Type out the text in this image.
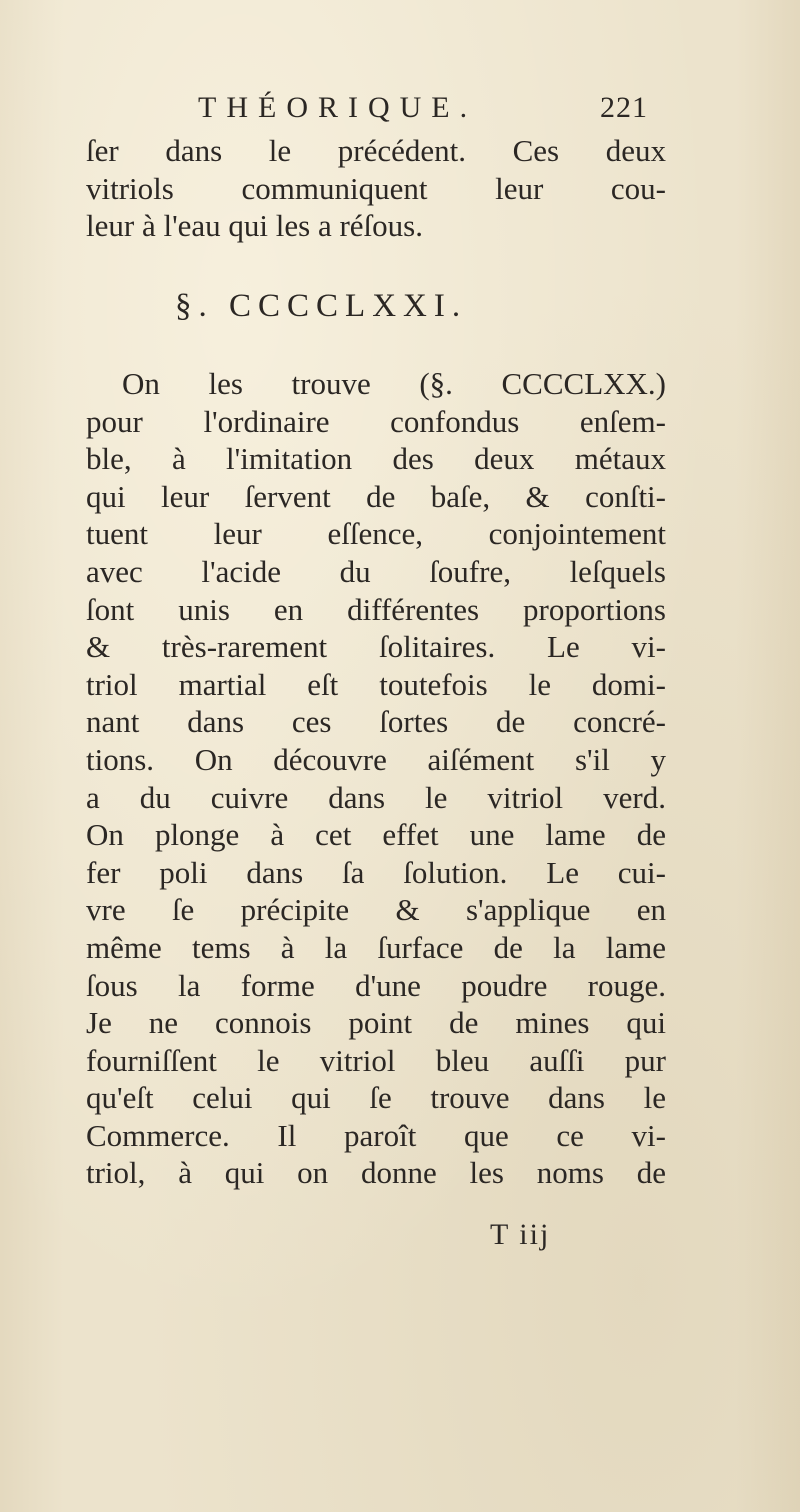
THÉORIQUE.	221
ſer dans le précédent. Ces deux
vitriols communiquent leur cou-
leur à l'eau qui les a réſous.
§. CCCCLXXI.
On les trouve (§. CCCCLXX.)
pour l'ordinaire confondus enſem-
ble, à l'imitation des deux métaux
qui leur ſervent de baſe, & conſti-
tuent leur eſſence, conjointement
avec l'acide du ſoufre, leſquels
ſont unis en différentes proportions
& très-rarement ſolitaires. Le vi-
triol martial eſt toutefois le domi-
nant dans ces ſortes de concré-
tions. On découvre aiſément s'il y
a du cuivre dans le vitriol verd.
On plonge à cet effet une lame de
fer poli dans ſa ſolution. Le cui-
vre ſe précipite & s'applique en
même tems à la ſurface de la lame
ſous la forme d'une poudre rouge.
Je ne connois point de mines qui
fourniſſent le vitriol bleu auſſi pur
qu'eſt celui qui ſe trouve dans le
Commerce. Il paroît que ce vi-
triol, à qui on donne les noms de
T iij
